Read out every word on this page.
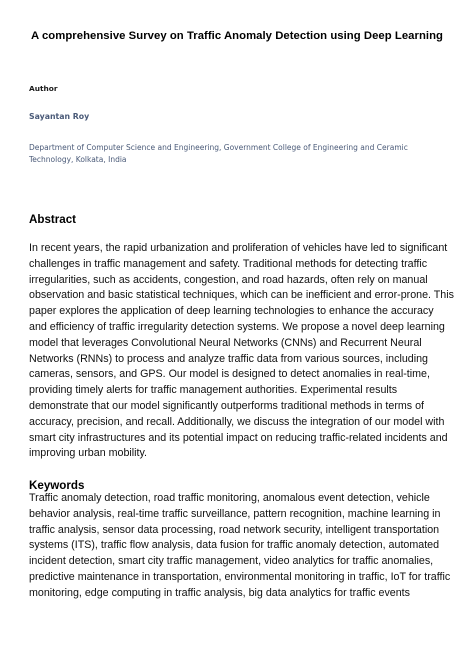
A comprehensive Survey on Traffic Anomaly Detection using Deep Learning
Author
Sayantan Roy
Department of Computer Science and Engineering, Government College of Engineering and Ceramic Technology, Kolkata, India
Abstract
In recent years, the rapid urbanization and proliferation of vehicles have led to significant challenges in traffic management and safety. Traditional methods for detecting traffic irregularities, such as accidents, congestion, and road hazards, often rely on manual observation and basic statistical techniques, which can be inefficient and error-prone. This paper explores the application of deep learning technologies to enhance the accuracy and efficiency of traffic irregularity detection systems. We propose a novel deep learning model that leverages Convolutional Neural Networks (CNNs) and Recurrent Neural Networks (RNNs) to process and analyze traffic data from various sources, including cameras, sensors, and GPS. Our model is designed to detect anomalies in real-time, providing timely alerts for traffic management authorities. Experimental results demonstrate that our model significantly outperforms traditional methods in terms of accuracy, precision, and recall. Additionally, we discuss the integration of our model with smart city infrastructures and its potential impact on reducing traffic-related incidents and improving urban mobility.
Keywords
Traffic anomaly detection, road traffic monitoring, anomalous event detection, vehicle behavior analysis, real-time traffic surveillance, pattern recognition, machine learning in traffic analysis, sensor data processing, road network security, intelligent transportation systems (ITS), traffic flow analysis, data fusion for traffic anomaly detection, automated incident detection, smart city traffic management, video analytics for traffic anomalies, predictive maintenance in transportation, environmental monitoring in traffic, IoT for traffic monitoring, edge computing in traffic analysis, big data analytics for traffic events
